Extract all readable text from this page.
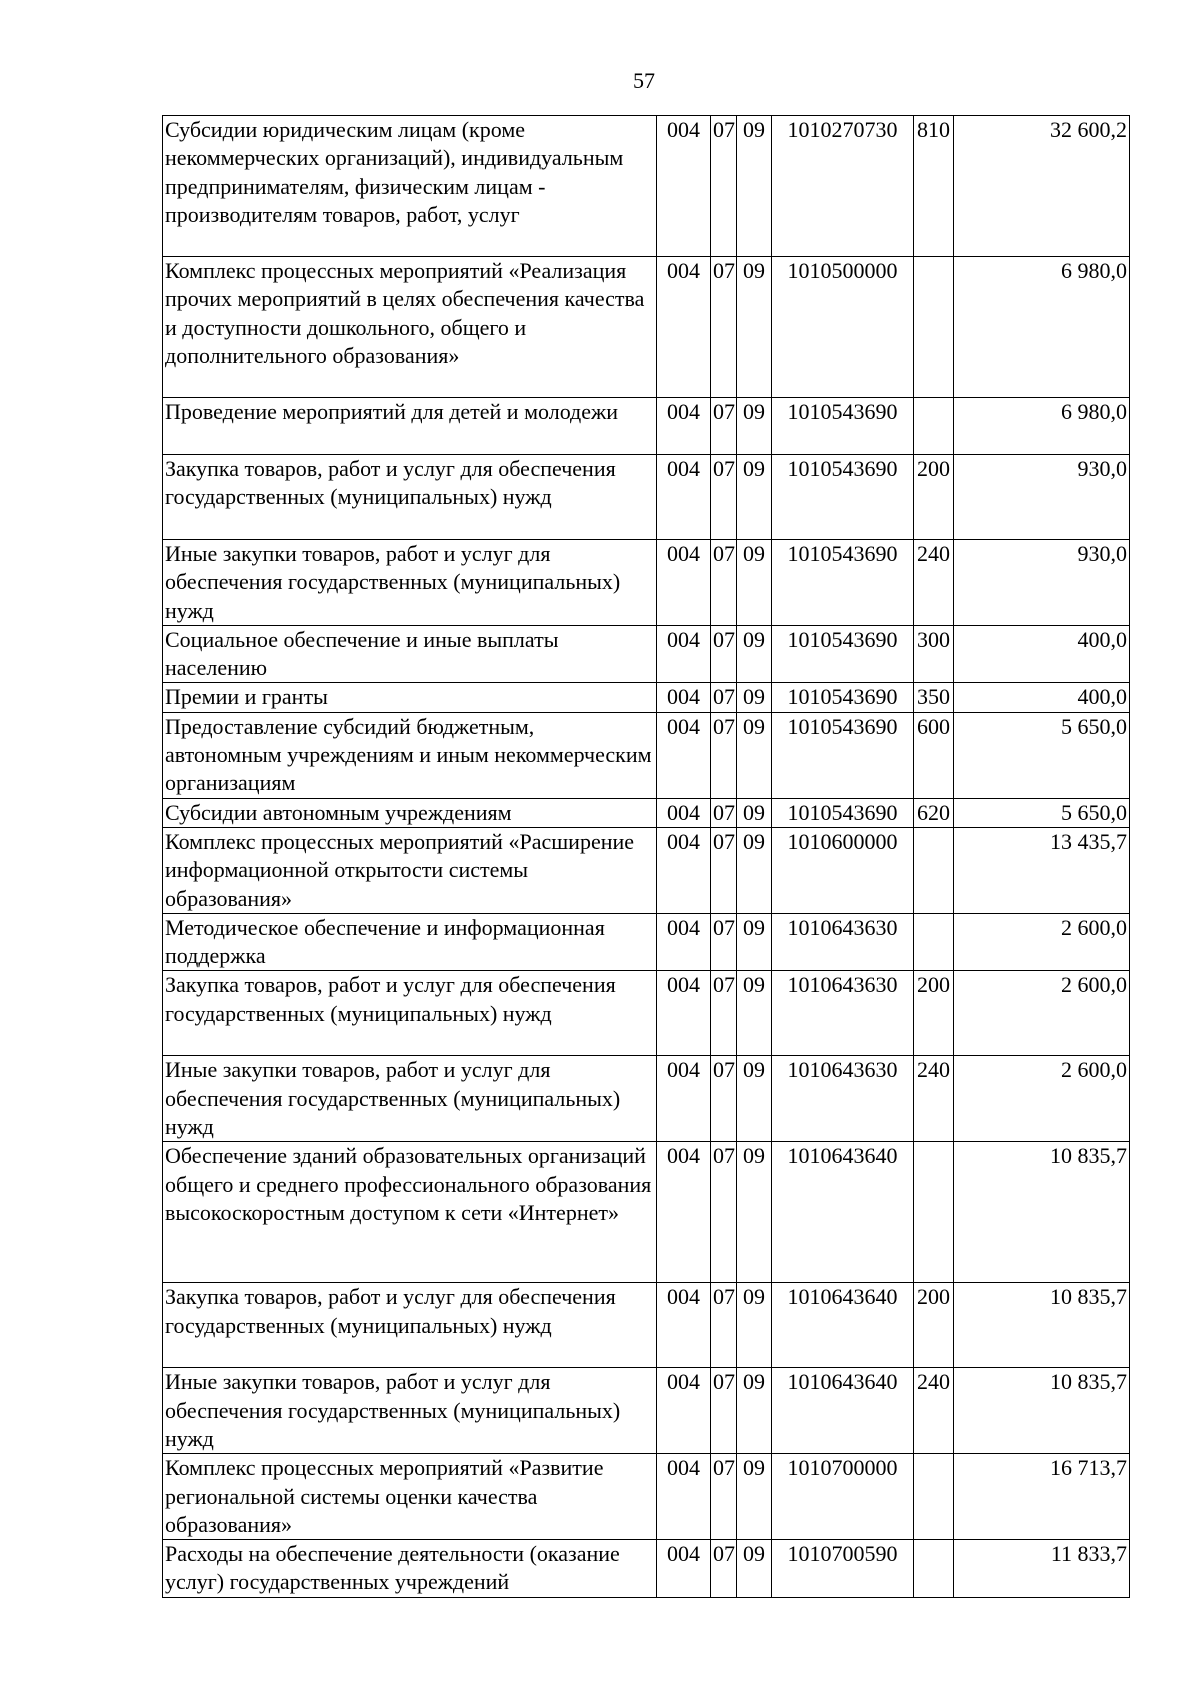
57
Субсидии юридическим лицам (кроме некоммерческих организаций), индивидуальным предпринимателям, физическим лицам - производителям товаров, работ, услуг	004	07	09	1010270730	810	32 600,2
Комплекс процессных мероприятий «Реализация прочих мероприятий в целях обеспечения качества и доступности дошкольного, общего и дополнительного образования»	004	07	09	1010500000		6 980,0
Проведение мероприятий для детей и молодежи	004	07	09	1010543690		6 980,0
Закупка товаров, работ и услуг для обеспечения государственных (муниципальных) нужд	004	07	09	1010543690	200	930,0
Иные закупки товаров, работ и услуг для обеспечения государственных (муниципальных) нужд	004	07	09	1010543690	240	930,0
Социальное обеспечение и иные выплаты населению	004	07	09	1010543690	300	400,0
Премии и гранты	004	07	09	1010543690	350	400,0
Предоставление субсидий бюджетным, автономным учреждениям и иным некоммерческим организациям	004	07	09	1010543690	600	5 650,0
Субсидии автономным учреждениям	004	07	09	1010543690	620	5 650,0
Комплекс процессных мероприятий «Расширение информационной открытости системы образования»	004	07	09	1010600000		13 435,7
Методическое обеспечение и информационная поддержка	004	07	09	1010643630		2 600,0
Закупка товаров, работ и услуг для обеспечения государственных (муниципальных) нужд	004	07	09	1010643630	200	2 600,0
Иные закупки товаров, работ и услуг для обеспечения государственных (муниципальных) нужд	004	07	09	1010643630	240	2 600,0
Обеспечение зданий образовательных организаций общего и среднего профессионального образования высокоскоростным доступом к сети «Интернет»	004	07	09	1010643640		10 835,7
Закупка товаров, работ и услуг для обеспечения государственных (муниципальных) нужд	004	07	09	1010643640	200	10 835,7
Иные закупки товаров, работ и услуг для обеспечения государственных (муниципальных) нужд	004	07	09	1010643640	240	10 835,7
Комплекс процессных мероприятий «Развитие региональной системы оценки качества образования»	004	07	09	1010700000		16 713,7
Расходы на обеспечение деятельности (оказание услуг) государственных учреждений	004	07	09	1010700590		11 833,7
